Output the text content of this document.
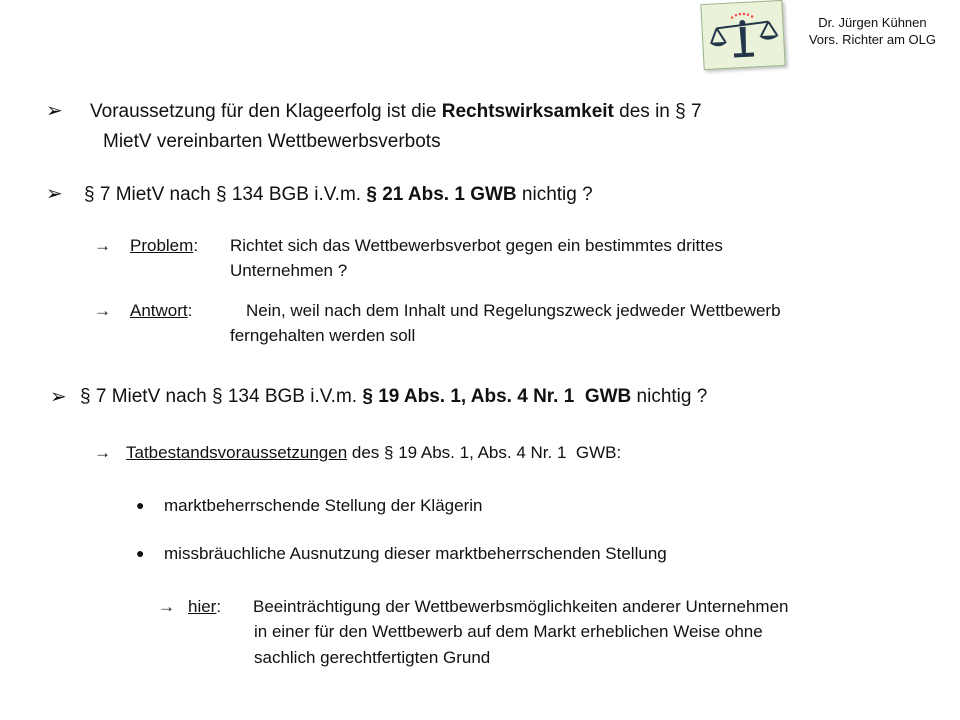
Dr. Jürgen Kühnen
Vors. Richter am OLG
➢ Voraussetzung für den Klageerfolg ist die Rechtswirksamkeit des in § 7
MietV vereinbarten Wettbewerbsverbots
➢ § 7 MietV nach § 134 BGB i.V.m. § 21 Abs. 1 GWB nichtig ?
→ Problem: Richtet sich das Wettbewerbsverbot gegen ein bestimmtes drittes
Unternehmen ?
→ Antwort:	Nein, weil nach dem Inhalt und Regelungszweck jedweder Wettbewerb
ferngehalten werden soll
➢ § 7 MietV nach § 134 BGB i.V.m. § 19 Abs. 1, Abs. 4 Nr. 1 GWB nichtig ?
→ Tatbestandsvoraussetzungen des § 19 Abs. 1, Abs. 4 Nr. 1  GWB:
● marktbeherrschende Stellung der Klägerin
● missbräuchliche Ausnutzung dieser marktbeherrschenden Stellung
→ hier: Beeinträchtigung der Wettbewerbsmöglichkeiten anderer Unternehmen
in einer für den Wettbewerb auf dem Markt erheblichen Weise ohne
sachlich gerechtfertigten Grund
